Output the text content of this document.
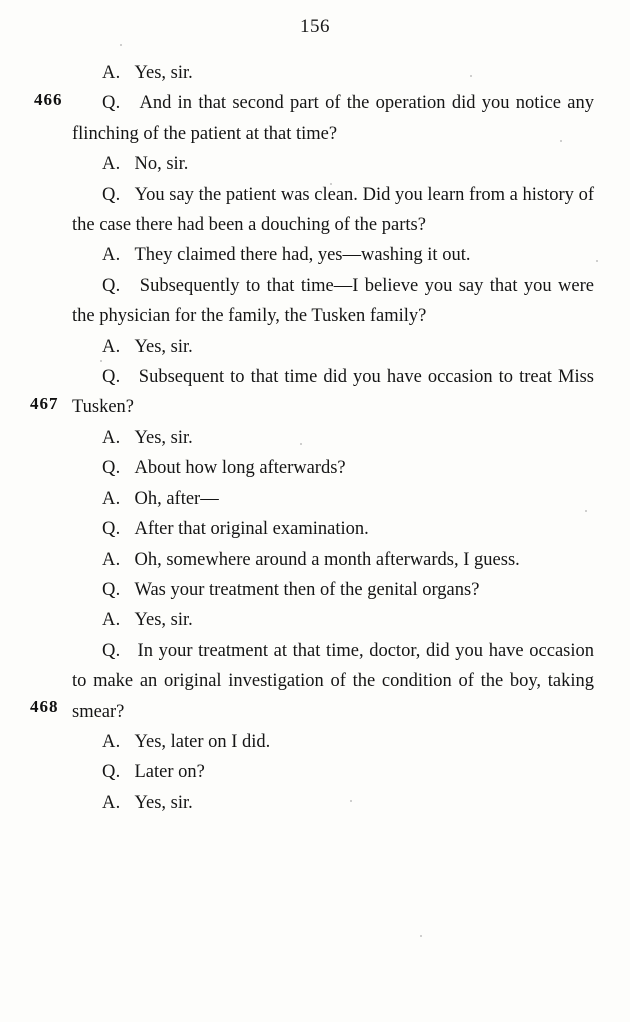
156
466
467
468

A. Yes, sir.

Q. And in that second part of the operation did you notice any flinching of the patient at that time?

A. No, sir.

Q. You say the patient was clean. Did you learn from a history of the case there had been a douching of the parts?

A. They claimed there had, yes—washing it out.

Q. Subsequently to that time—I believe you say that you were the physician for the family, the Tusken family?

A. Yes, sir.

Q. Subsequent to that time did you have occasion to treat Miss Tusken?

A. Yes, sir.

Q. About how long afterwards?

A. Oh, after—

Q. After that original examination.

A. Oh, somewhere around a month afterwards, I guess.

Q. Was your treatment then of the genital organs?

A. Yes, sir.

Q. In your treatment at that time, doctor, did you have occasion to make an original investigation of the condition of the boy, taking smear?

A. Yes, later on I did.

Q. Later on?

A. Yes, sir.
